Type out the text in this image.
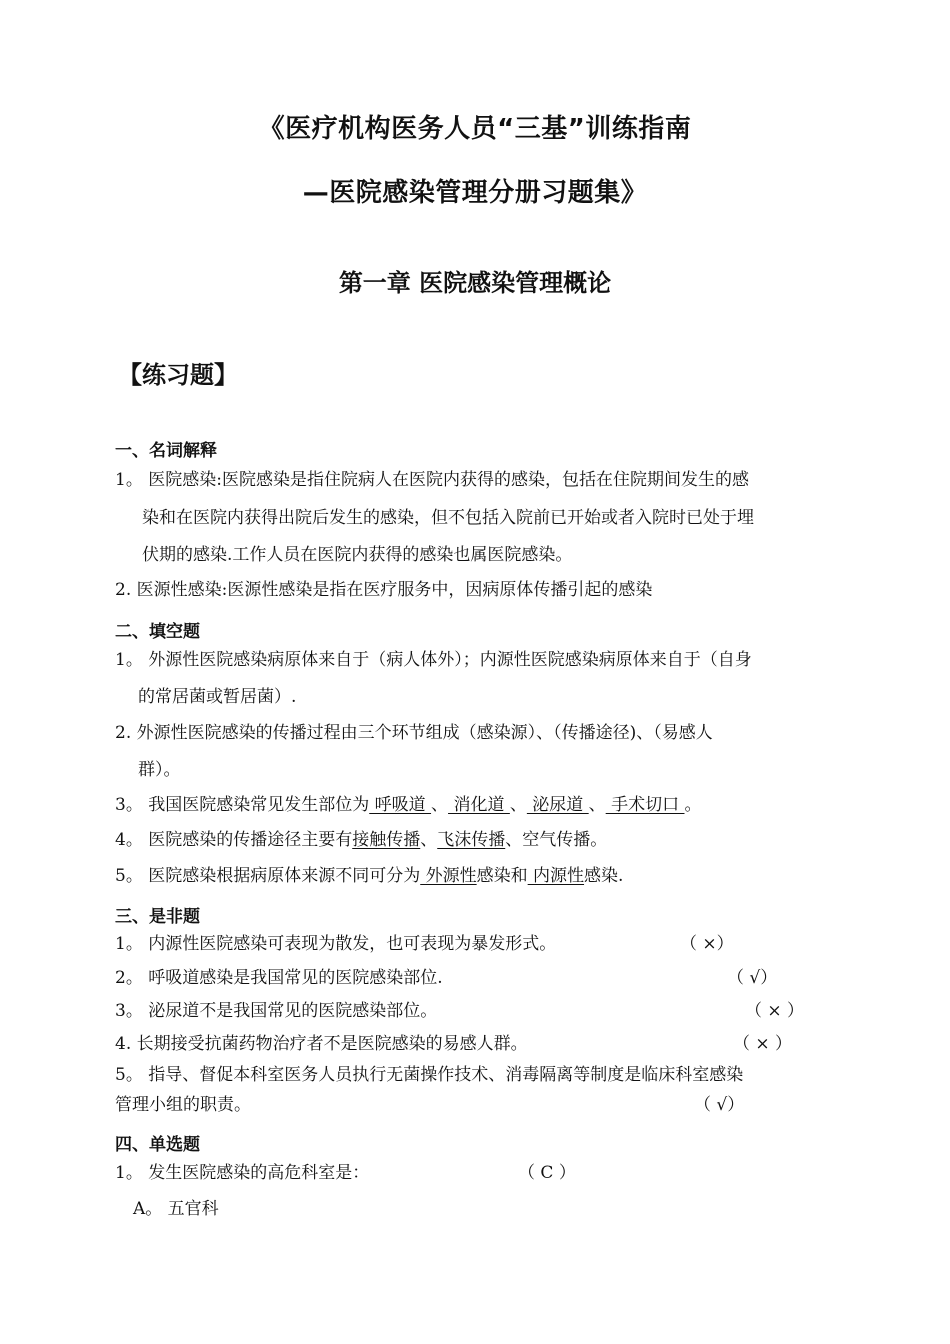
《医疗机构医务人员“三基”训练指南
—医院感染管理分册习题集》
第一章 医院感染管理概论
【练习题】
一、名词解释
1。 医院感染:医院感染是指住院病人在医院内获得的感染，包括在住院期间发生的感
染和在医院内获得出院后发生的感染，但不包括入院前已开始或者入院时已处于埋
伏期的感染.工作人员在医院内获得的感染也属医院感染。
2. 医源性感染:医源性感染是指在医疗服务中，因病原体传播引起的感染
二、填空题
1。 外源性医院感染病原体来自于（病人体外）；内源性医院感染病原体来自于（自身
的常居菌或暂居菌）.
2. 外源性医院感染的传播过程由三个环节组成（感染源）、（传播途径)、（易感人
群）。
3。 我国医院感染常见发生部位为 呼吸道 、 消化道 、 泌尿道 、 手术切口 。
4。 医院感染的传播途径主要有接触传播、飞沫传播、空气传播。
5。 医院感染根据病原体来源不同可分为 外源性感染和 内源性感染.
三、是非题
1。 内源性医院感染可表现为散发，也可表现为暴发形式。	（ ×）
2。 呼吸道感染是我国常见的医院感染部位.	（ √）
3。 泌尿道不是我国常见的医院感染部位。	（ × ）
4. 长期接受抗菌药物治疗者不是医院感染的易感人群。	（ × ）
5。 指导、督促本科室医务人员执行无菌操作技术、消毒隔离等制度是临床科室感染
管理小组的职责。	（ √）
四、单选题
1。 发生医院感染的高危科室是：	（ C ）
A。 五官科
